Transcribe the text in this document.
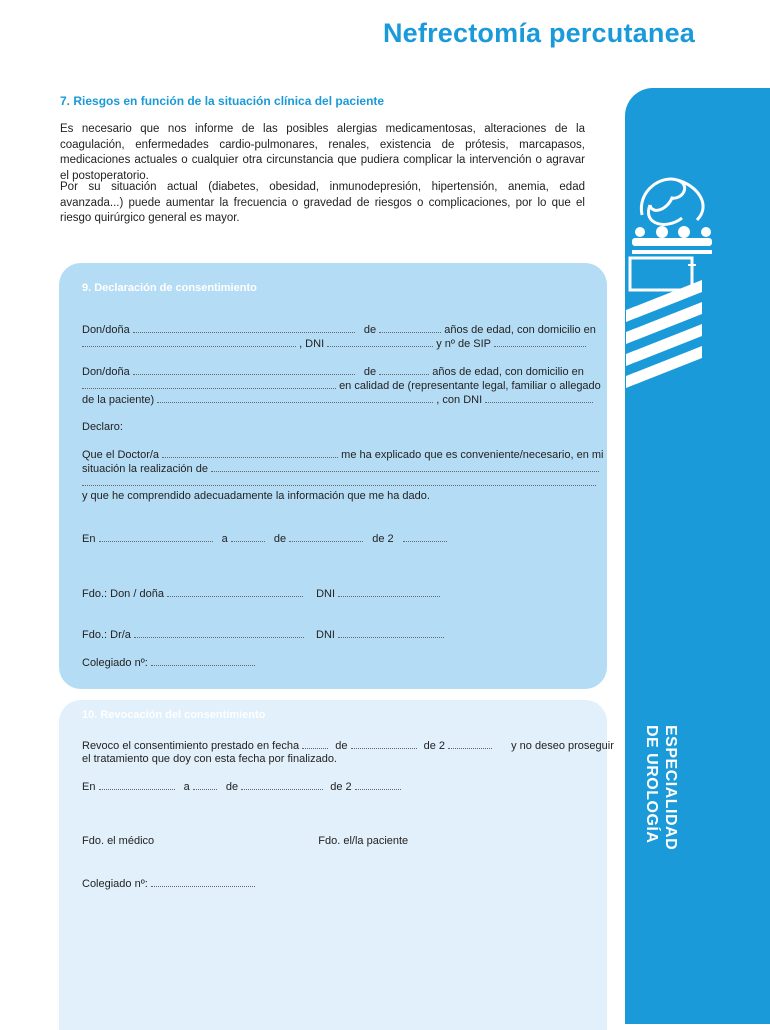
Nefrectomía percutanea
7. Riesgos en función de la situación clínica del paciente
Es necesario que nos informe de las posibles alergias medicamentosas, alteraciones de la coagulación, enfermedades cardio-pulmonares, renales, existencia de prótesis, marcapasos, medicaciones actuales o cualquier otra circunstancia que pudiera complicar la intervención o agravar el postoperatorio.
Por su situación actual (diabetes, obesidad, inmunodepresión, hipertensión, anemia, edad avanzada...) puede aumentar la frecuencia o gravedad de riesgos o complicaciones, por lo que el riesgo quirúrgico general es mayor.
ESPECIALIDAD DE UROLOGÍA
9. Declaración de consentimiento
Don/doña	de	años de edad, con domicilio en
, DNI	y nº de SIP
Don/doña	de	años de edad, con domicilio en
en calidad de (representante legal, familiar o allegado
de la paciente)	, con DNI
Declaro:
Que el Doctor/a	me ha explicado que es conveniente/necesario, en mi
situación la realización de
y que he comprendido adecuadamente la información que me ha dado.
En	a	de	de 2
Fdo.: Don / doña	DNI
Fdo.: Dr/a	DNI
Colegiado nº:
10. Revocación del consentimiento
Revoco el consentimiento prestado en fecha	de	de 2	y no deseo proseguir
el tratamiento que doy con esta fecha por finalizado.
En	a	de	de 2
Fdo. el médico	Fdo. el/la paciente
Colegiado nº:
